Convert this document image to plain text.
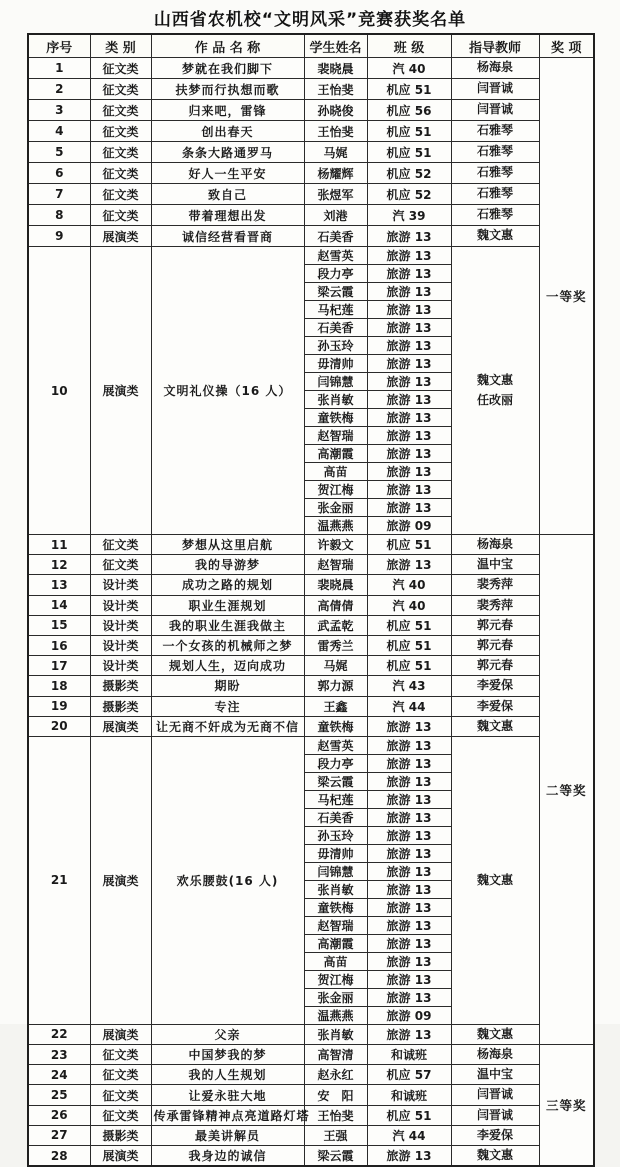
山西省农机校“文明风采”竞赛获奖名单
序号	类 别	作 品 名 称	学生姓名	班 级	指导教师	奖 项
1	征文类	梦就在我们脚下	裴晓晨	汽 40	杨海泉	一等奖
2	征文类	扶梦而行执想而歌	王怡斐	机应 51	闫晋诚	

3	征文类	归来吧，雷锋	孙晓俊	机应 56	闫晋诚	

4	征文类	创出春天	王怡斐	机应 51	石雅琴	

5	征文类	条条大路通罗马	马娓	机应 51	石雅琴	

6	征文类	好人一生平安	杨耀辉	机应 52	石雅琴	

7	征文类	致自己	张煜军	机应 52	石雅琴	

8	征文类	带着理想出发	刘港	汽 39	石雅琴	

9	展演类	诚信经营看晋商	石美香	旅游 13	魏文惠	

10	展演类	文明礼仪操（16 人）	赵雪英	旅游 13	魏文惠
任改丽	

			段力亭	旅游 13		
			梁云霞	旅游 13		
			马杞莲	旅游 13		
			石美香	旅游 13		
			孙玉玲	旅游 13		
			毋清帅	旅游 13		
			闫锦慧	旅游 13		
			张肖敏	旅游 13		
			童铁梅	旅游 13		
			赵智瑞	旅游 13		
			高潮霞	旅游 13		
			高苗	旅游 13		
			贺江梅	旅游 13		
			张金丽	旅游 13		
			温燕燕	旅游 09		
11	征文类	梦想从这里启航	许毅文	机应 51	杨海泉	二等奖
12	征文类	我的导游梦	赵智瑞	旅游 13	温中宝	

13	设计类	成功之路的规划	裴晓晨	汽 40	裴秀萍	

14	设计类	职业生涯规划	高倩倩	汽 40	裴秀萍	

15	设计类	我的职业生涯我做主	武孟乾	机应 51	郭元春	

16	设计类	一个女孩的机械师之梦	雷秀兰	机应 51	郭元春	

17	设计类	规划人生，迈向成功	马娓	机应 51	郭元春	

18	摄影类	期盼	郭力源	汽 43	李爱保	

19	摄影类	专注	王鑫	汽 44	李爱保	

20	展演类	让无商不奸成为无商不信	童铁梅	旅游 13	魏文惠	

21	展演类	欢乐腰鼓(16 人)	赵雪英	旅游 13	魏文惠	

			段力亭	旅游 13		
			梁云霞	旅游 13		
			马杞莲	旅游 13		
			石美香	旅游 13		
			孙玉玲	旅游 13		
			毋清帅	旅游 13		
			闫锦慧	旅游 13		
			张肖敏	旅游 13		
			童铁梅	旅游 13		
			赵智瑞	旅游 13		
			高潮霞	旅游 13		
			高苗	旅游 13		
			贺江梅	旅游 13		
			张金丽	旅游 13		
			温燕燕	旅游 09		
22	展演类	父亲	张肖敏	旅游 13	魏文惠	

23	征文类	中国梦我的梦	高智清	和诚班	杨海泉	三等奖
24	征文类	我的人生规划	赵永红	机应 57	温中宝	

25	征文类	让爱永驻大地	安　阳	和诚班	闫晋诚	

26	征文类	传承雷锋精神点亮道路灯塔	王怡斐	机应 51	闫晋诚	

27	摄影类	最美讲解员	王强	汽 44	李爱保	

28	展演类	我身边的诚信	梁云霞	旅游 13	魏文惠	
